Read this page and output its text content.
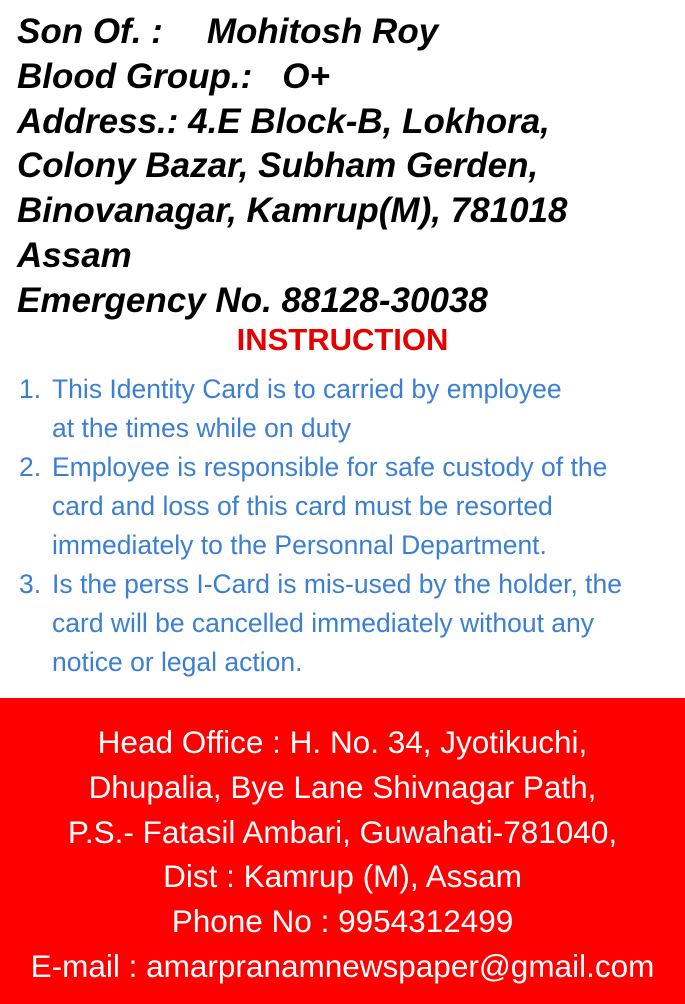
Son Of. : Mohitosh Roy
Blood Group.: O+
Address.: 4.E Block-B, Lokhora,
Colony Bazar, Subham Gerden,
Binovanagar, Kamrup(M), 781018
Assam
Emergency No. 88128-30038
INSTRUCTION
1. This Identity Card is to carried by employee
at the times while on duty
2. Employee is responsible for safe custody of the
card and loss of this card must be resorted
immediately to the Personnal Department.
3. Is the perss I-Card is mis-used by the holder, the
card will be cancelled immediately without any
notice or legal action.
Head Office : H. No. 34, Jyotikuchi,
Dhupalia, Bye Lane Shivnagar Path,
P.S.- Fatasil Ambari, Guwahati-781040,
Dist : Kamrup (M), Assam
Phone No : 9954312499
E-mail : amarpranamnewspaper@gmail.com
